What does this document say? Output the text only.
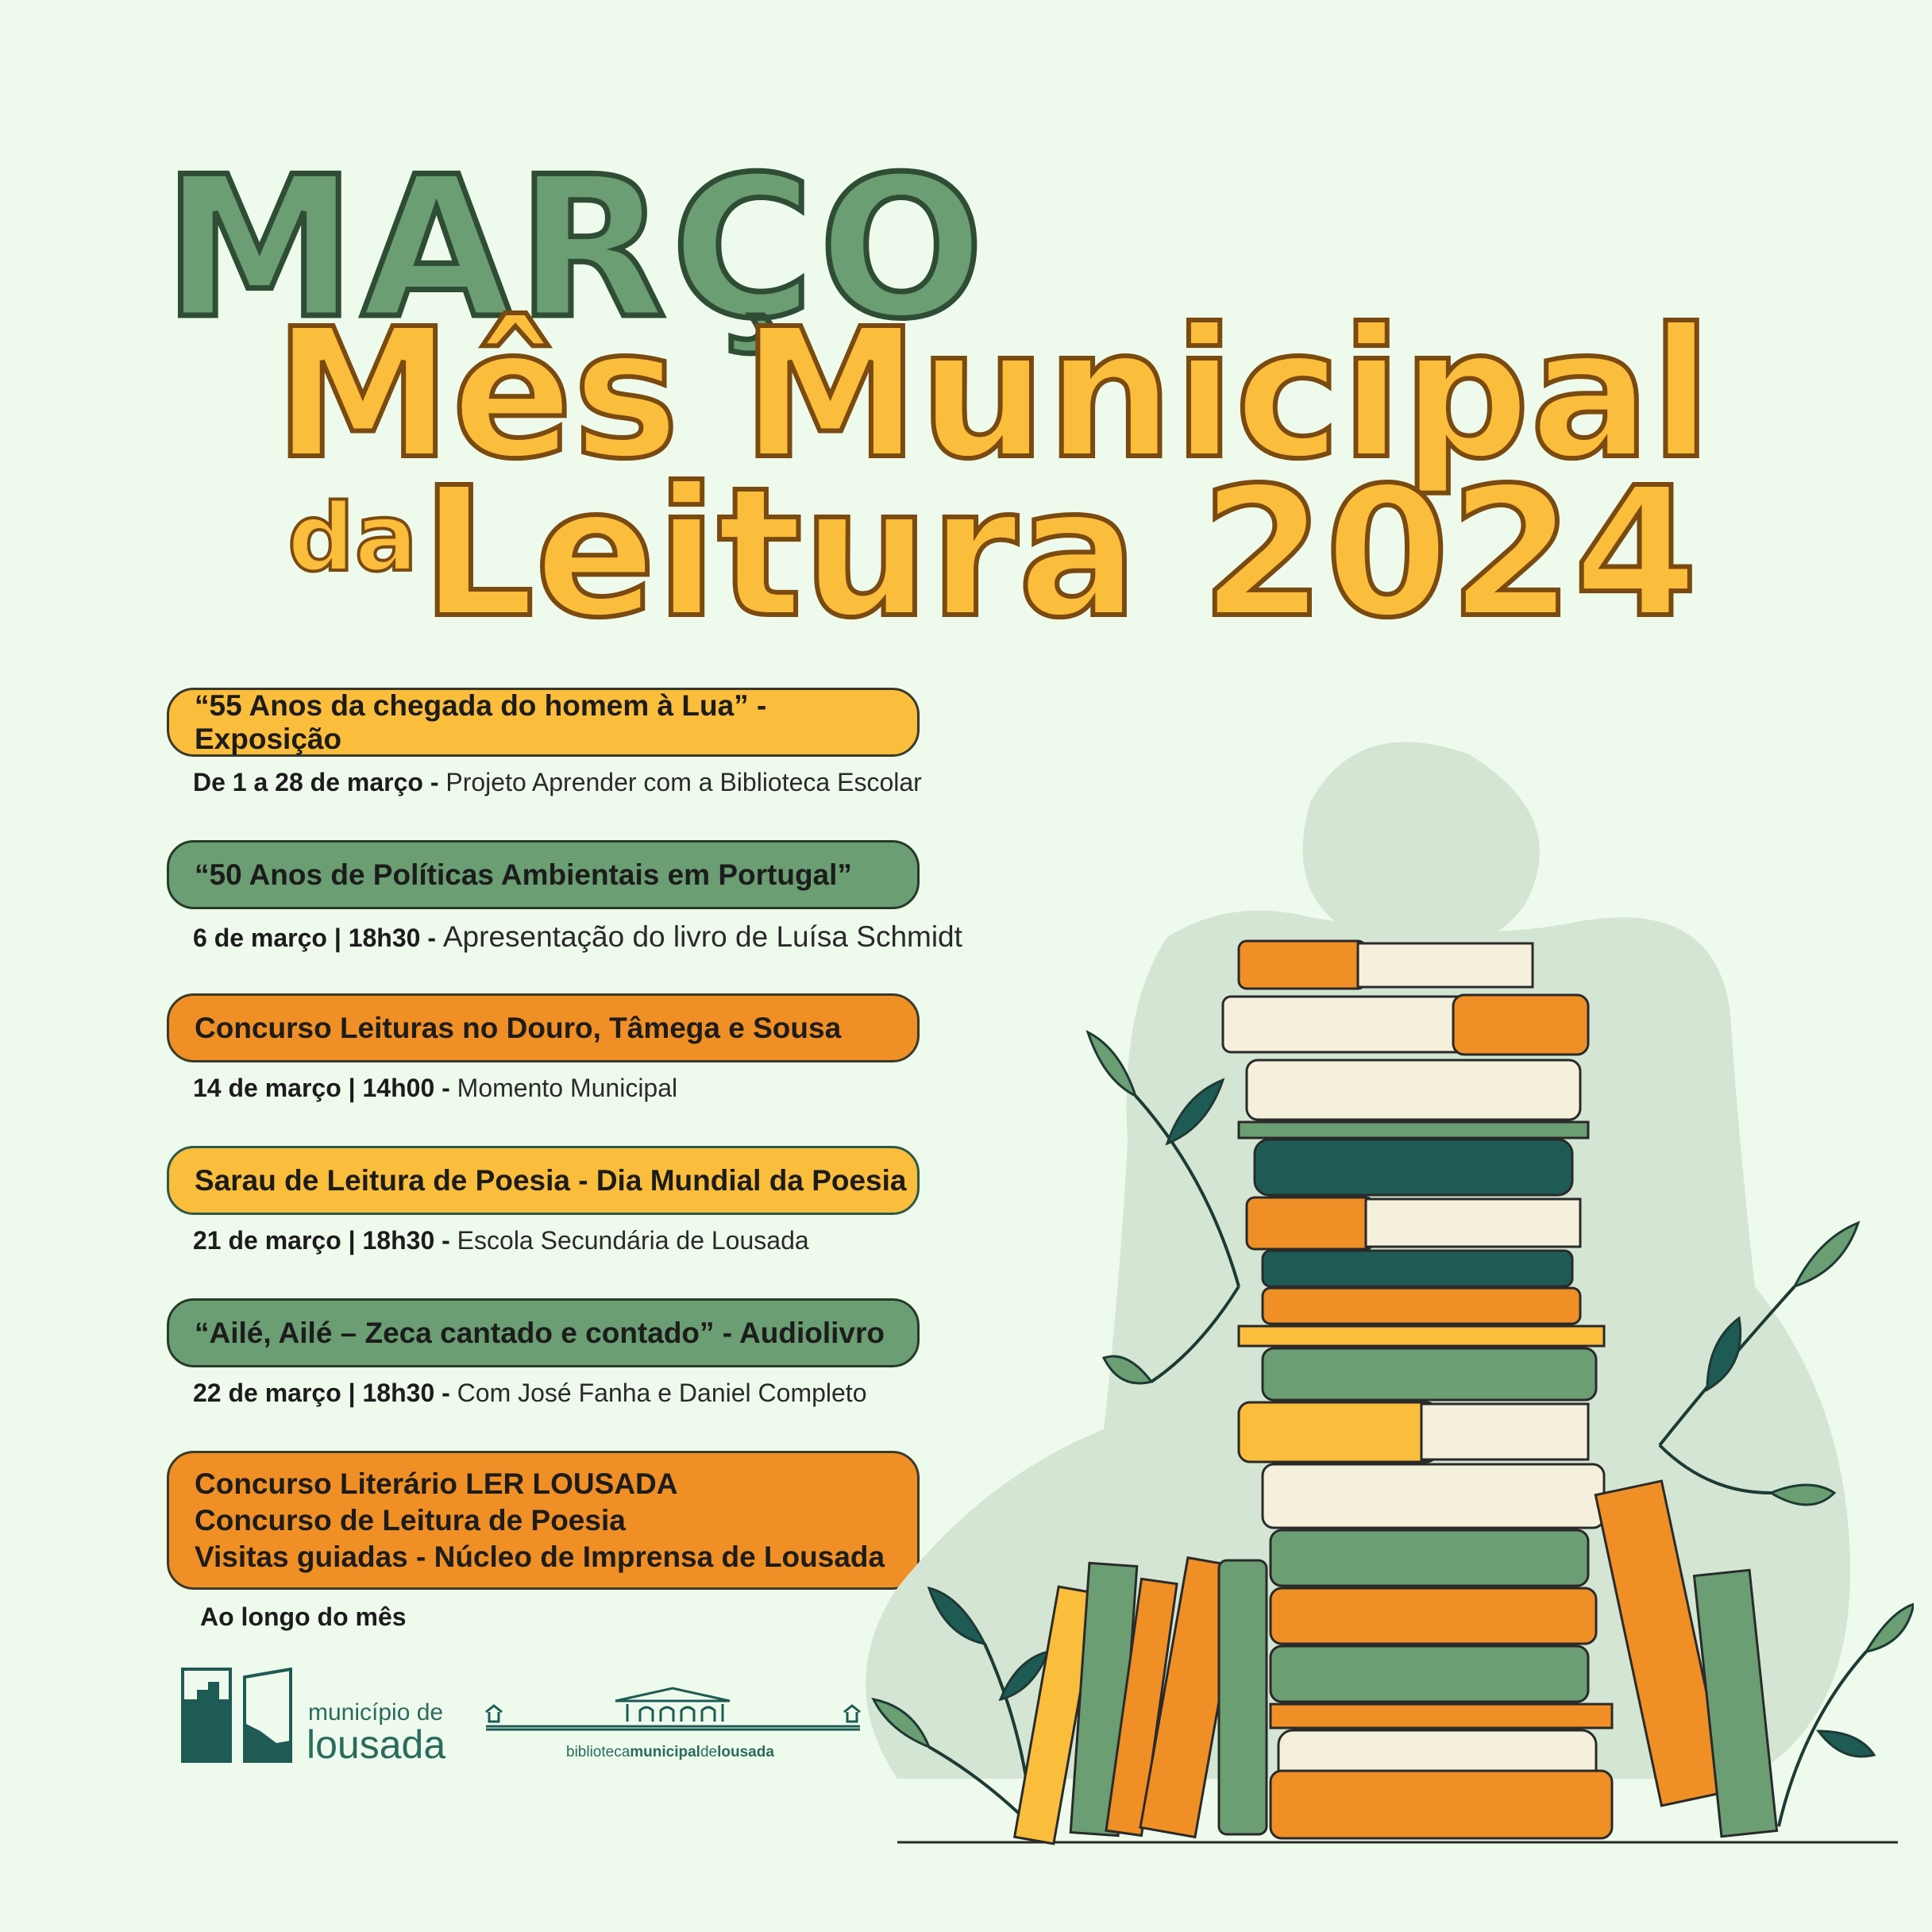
MARÇO
Mês Municipal
da Leitura 2024
“55 Anos da chegada do homem à Lua” - Exposição
De 1 a 28 de março - Projeto Aprender com a Biblioteca Escolar
“50 Anos de Políticas Ambientais em Portugal”
6 de março | 18h30 - Apresentação do livro de Luísa Schmidt
Concurso Leituras no Douro, Tâmega e Sousa
14 de março | 14h00 - Momento Municipal
Sarau de Leitura de Poesia - Dia Mundial da Poesia
21 de março | 18h30 - Escola Secundária de Lousada
“Ailé, Ailé – Zeca cantado e contado” - Audiolivro
22 de março | 18h30 - Com José Fanha e Daniel Completo
Concurso Literário LER LOUSADA
Concurso de Leitura de Poesia
Visitas guiadas - Núcleo de Imprensa de Lousada
Ao longo do mês
município de
lousada	bibliotecamunicipaldelousada
